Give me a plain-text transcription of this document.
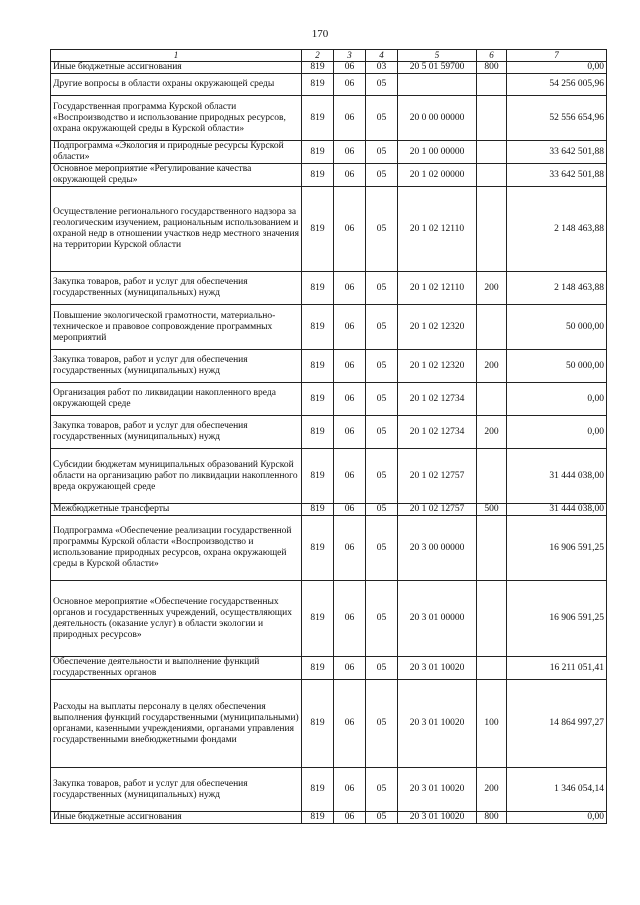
170
1	2	3	4	5	6	7
Иные бюджетные ассигнования	819	06	03	20 5 01 59700	800	0,00
Другие вопросы в области охраны окружающей среды	819	06	05			54 256 005,96
Государственная программа Курской области «Воспроизводство и использование природных ресурсов, охрана окружающей среды в Курской области»	819	06	05	20 0 00 00000		52 556 654,96
Подпрограмма «Экология и природные ресурсы Курской области»	819	06	05	20 1 00 00000		33 642 501,88
Основное мероприятие «Регулирование качества окружающей среды»	819	06	05	20 1 02 00000		33 642 501,88
Осуществление регионального государственного надзора за геологическим изучением, рациональным использованием и охраной недр в отношении участков недр местного значения на территории Курской области	819	06	05	20 1 02 12110		2 148 463,88
Закупка товаров, работ и услуг для обеспечения государственных (муниципальных) нужд	819	06	05	20 1 02 12110	200	2 148 463,88
Повышение экологической грамотности, материально-техническое и правовое сопровождение программных мероприятий	819	06	05	20 1 02 12320		50 000,00
Закупка товаров, работ и услуг для обеспечения государственных (муниципальных) нужд	819	06	05	20 1 02 12320	200	50 000,00
Организация работ по ликвидации накопленного вреда окружающей среде	819	06	05	20 1 02 12734		0,00
Закупка товаров, работ и услуг для обеспечения государственных (муниципальных) нужд	819	06	05	20 1 02 12734	200	0,00
Субсидии бюджетам муниципальных образований Курской области на организацию работ по ликвидации накопленного вреда окружающей среде	819	06	05	20 1 02 12757		31 444 038,00
Межбюджетные трансферты	819	06	05	20 1 02 12757	500	31 444 038,00
Подпрограмма «Обеспечение реализации государственной программы Курской области «Воспроизводство и использование природных ресурсов, охрана окружающей среды в Курской области»	819	06	05	20 3 00 00000		16 906 591,25
Основное мероприятие «Обеспечение государственных органов и государственных учреждений, осуществляющих деятельность (оказание услуг) в области экологии и природных ресурсов»	819	06	05	20 3 01 00000		16 906 591,25
Обеспечение деятельности и выполнение функций государственных органов	819	06	05	20 3 01 10020		16 211 051,41
Расходы на выплаты персоналу в целях обеспечения выполнения функций государственными (муниципальными) органами, казенными учреждениями, органами управления государственными внебюджетными фондами	819	06	05	20 3 01 10020	100	14 864 997,27
Закупка товаров, работ и услуг для обеспечения государственных (муниципальных) нужд	819	06	05	20 3 01 10020	200	1 346 054,14
Иные бюджетные ассигнования	819	06	05	20 3 01 10020	800	0,00
